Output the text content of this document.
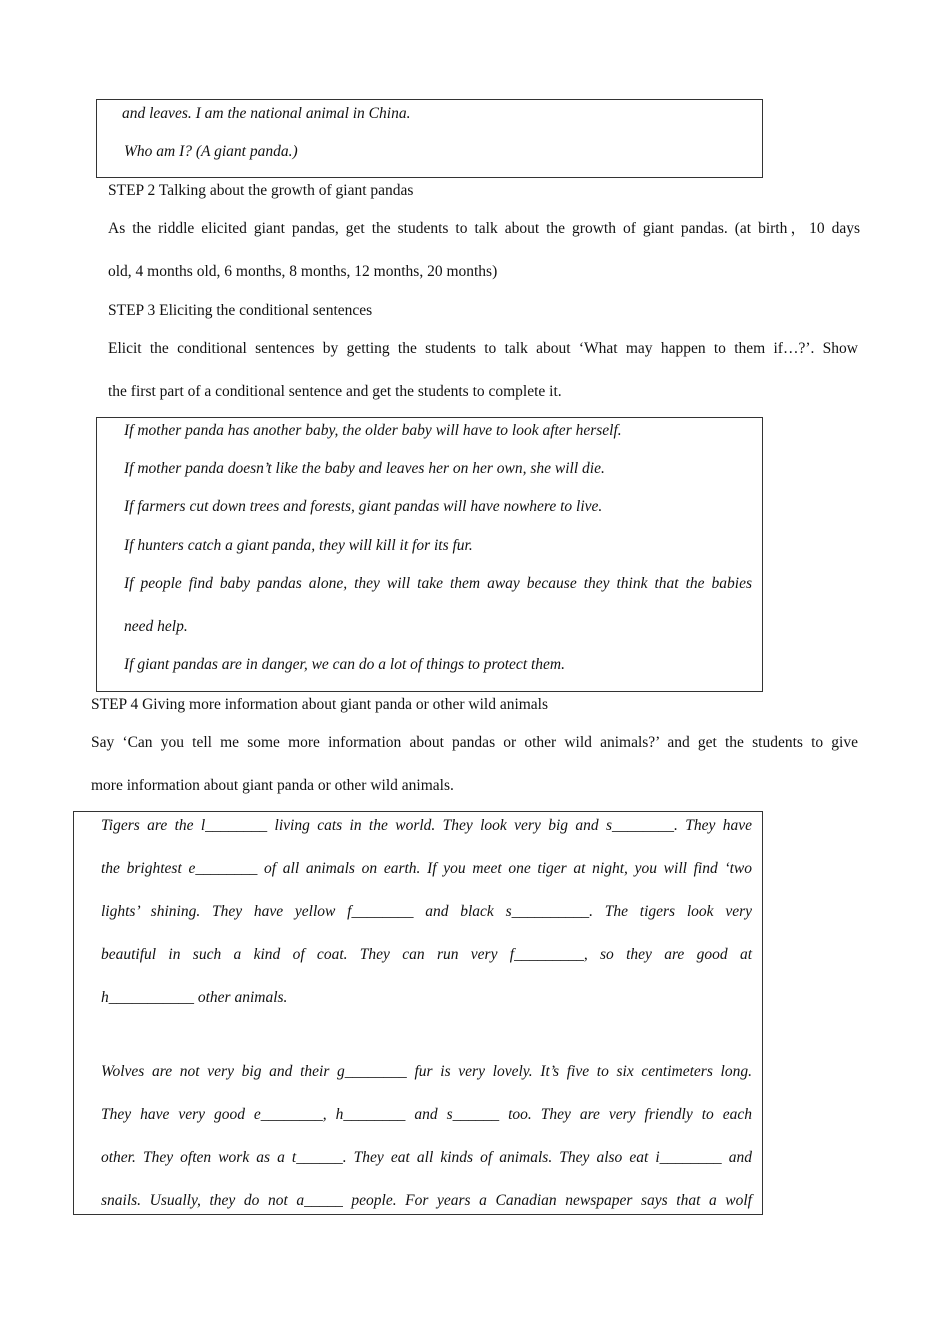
and leaves. I am the national animal in China.
Who am I? (A giant panda.)
STEP 2 Talking about the growth of giant pandas
As the riddle elicited giant pandas, get the students to talk about the growth of giant pandas. (at birth，10 days
old, 4 months old, 6 months, 8 months, 12 months, 20 months)
STEP 3 Eliciting the conditional sentences
Elicit the conditional sentences by getting the students to talk about ‘What may happen to them if…?’. Show
the first part of a conditional sentence and get the students to complete it.
If mother panda has another baby, the older baby will have to look after herself.
If mother panda doesn’t like the baby and leaves her on her own, she will die.
If farmers cut down trees and forests, giant pandas will have nowhere to live.
If hunters catch a giant panda, they will kill it for its fur.
If people find baby pandas alone, they will take them away because they think that the babies
need help.
If giant pandas are in danger, we can do a lot of things to protect them.
STEP 4 Giving more information about giant panda or other wild animals
Say ‘Can you tell me some more information about pandas or other wild animals?’ and get the students to give
more information about giant panda or other wild animals.
Tigers are the l________ living cats in the world. They look very big and s________. They have
the brightest e________ of all animals on earth. If you meet one tiger at night, you will find ‘two
lights’ shining. They have yellow f________ and black s__________. The tigers look very
beautiful in such a kind of coat. They can run very f_________, so they are good at
h___________ other animals.
Wolves are not very big and their g________ fur is very lovely. It’s five to six centimeters long.
They have very good e________, h________ and s______ too. They are very friendly to each
other. They often work as a t______. They eat all kinds of animals. They also eat i________ and
snails. Usually, they do not a_____ people. For years a Canadian newspaper says that a wolf
